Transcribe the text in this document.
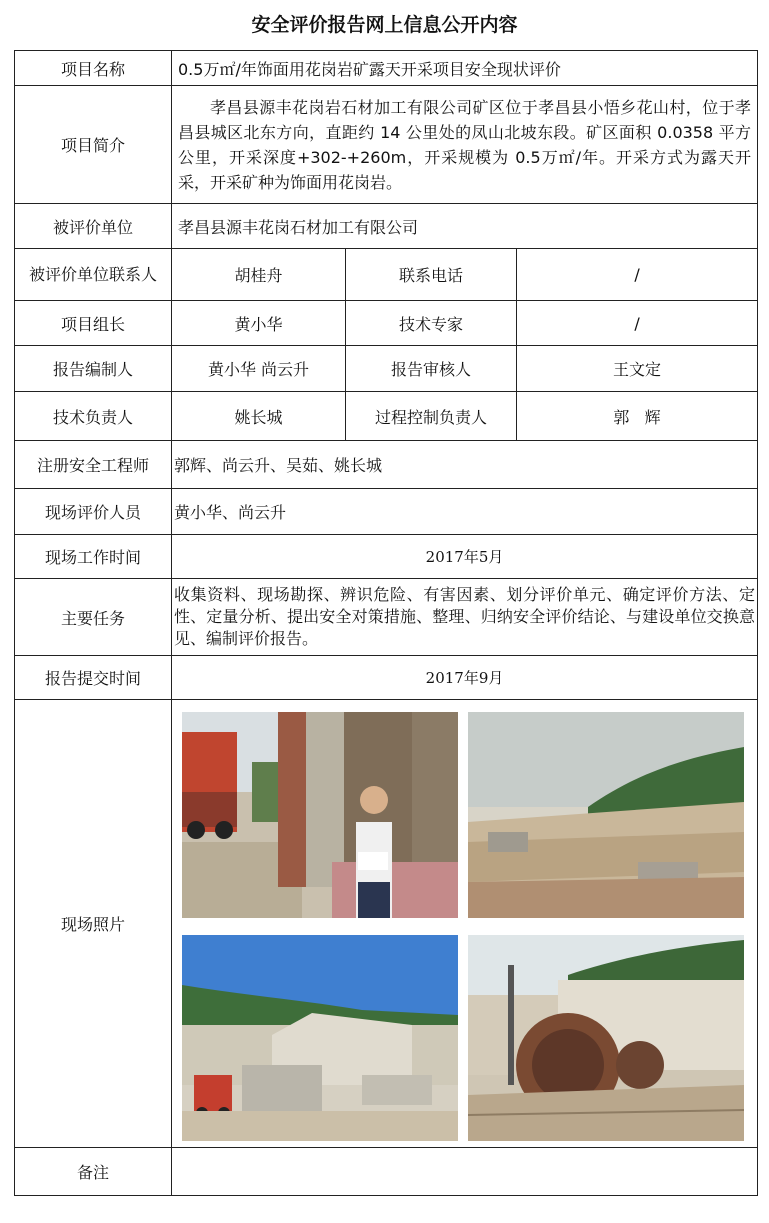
安全评价报告网上信息公开内容
项目名称	0.5万㎡/年饰面用花岗岩矿露天开采项目安全现状评价		
项目简介	孝昌县源丰花岗岩石材加工有限公司矿区位于孝昌县小悟乡花山村，位于孝昌县城区北东方向，直距约 14 公里处的凤山北坡东段。矿区面积 0.0358 平方公里，开采深度+302-+260m，开采规模为 0.5万㎡/年。开采方式为露天开采，开采矿种为饰面用花岗岩。		
被评价单位	孝昌县源丰花岗石材加工有限公司		
被评价单位联系人	胡桂舟	联系电话	/
项目组长	黄小华	技术专家	/
报告编制人	黄小华 尚云升	报告审核人	王文定
技术负责人	姚长城	过程控制负责人	郭   辉
注册安全工程师	郭辉、尚云升、吴茹、姚长城		
现场评价人员	黄小华、尚云升		
现场工作时间	2017年5月		
主要任务	收集资料、现场勘探、辨识危险、有害因素、划分评价单元、确定评价方法、定性、定量分析、提出安全对策措施、整理、归纳安全评价结论、与建设单位交换意见、编制评价报告。		
报告提交时间	2017年9月		
现场照片	

备注			
